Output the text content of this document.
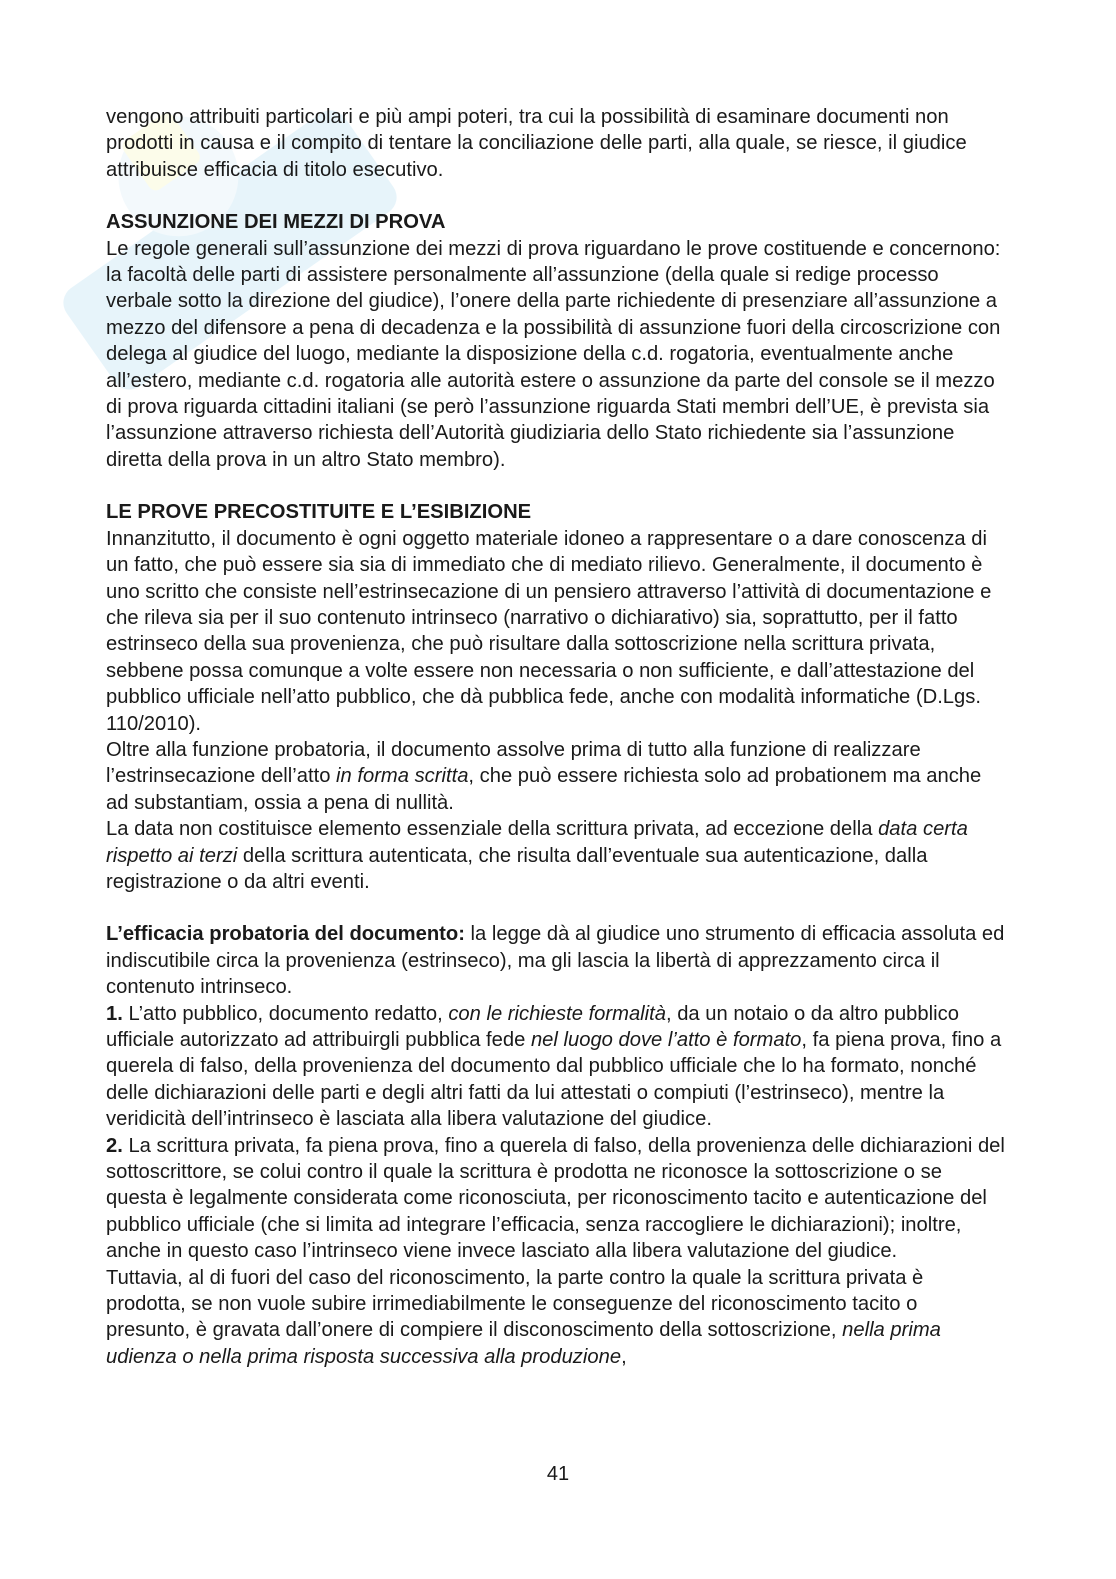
vengono attribuiti particolari e più ampi poteri, tra cui la possibilità di esaminare documenti non prodotti in causa e il compito di tentare la conciliazione delle parti, alla quale, se riesce, il giudice attribuisce efficacia di titolo esecutivo.

ASSUNZIONE DEI MEZZI DI PROVA

Le regole generali sull’assunzione dei mezzi di prova riguardano le prove costituende e concernono: la facoltà delle parti di assistere personalmente all’assunzione (della quale si redige processo verbale sotto la direzione del giudice), l’onere della parte richiedente di presenziare all’assunzione a mezzo del difensore a pena di decadenza e la possibilità di assunzione fuori della circoscrizione con delega al giudice del luogo, mediante la disposizione della c.d. rogatoria, eventualmente anche all’estero, mediante c.d. rogatoria alle autorità estere o assunzione da parte del console se il mezzo di prova riguarda cittadini italiani (se però l’assunzione riguarda Stati membri dell’UE, è prevista sia l’assunzione attraverso richiesta dell’Autorità giudiziaria dello Stato richiedente sia l’assunzione diretta della prova in un altro Stato membro).

LE PROVE PRECOSTITUITE E L’ESIBIZIONE

Innanzitutto, il documento è ogni oggetto materiale idoneo a rappresentare o a dare conoscenza di un fatto, che può essere sia sia di immediato che di mediato rilievo. Generalmente, il documento è uno scritto che consiste nell’estrinsecazione di un pensiero attraverso l’attività di documentazione e che rileva sia per il suo contenuto intrinseco (narrativo o dichiarativo) sia, soprattutto, per il fatto estrinseco della sua provenienza, che può risultare dalla sottoscrizione nella scrittura privata, sebbene possa comunque a volte essere non necessaria o non sufficiente, e dall’attestazione del pubblico ufficiale nell’atto pubblico, che dà pubblica fede, anche con modalità informatiche (D.Lgs. 110/2010).

Oltre alla funzione probatoria, il documento assolve prima di tutto alla funzione di realizzare l’estrinsecazione dell’atto in forma scritta, che può essere richiesta solo ad probationem ma anche ad substantiam, ossia a pena di nullità.

La data non costituisce elemento essenziale della scrittura privata, ad eccezione della data certa rispetto ai terzi della scrittura autenticata, che risulta dall’eventuale sua autenticazione, dalla registrazione o da altri eventi.

L’efficacia probatoria del documento: la legge dà al giudice uno strumento di efficacia assoluta ed indiscutibile circa la provenienza (estrinseco), ma gli lascia la libertà di apprezzamento circa il contenuto intrinseco.

1. L’atto pubblico, documento redatto, con le richieste formalità, da un notaio o da altro pubblico ufficiale autorizzato ad attribuirgli pubblica fede nel luogo dove l’atto è formato, fa piena prova, fino a querela di falso, della provenienza del documento dal pubblico ufficiale che lo ha formato, nonché delle dichiarazioni delle parti e degli altri fatti da lui attestati o compiuti (l’estrinseco), mentre la veridicità dell’intrinseco è lasciata alla libera valutazione del giudice.

2. La scrittura privata, fa piena prova, fino a querela di falso, della provenienza delle dichiarazioni del sottoscrittore, se colui contro il quale la scrittura è prodotta ne riconosce la sottoscrizione o se questa è legalmente considerata come riconosciuta, per riconoscimento tacito e autenticazione del pubblico ufficiale (che si limita ad integrare l’efficacia, senza raccogliere le dichiarazioni); inoltre, anche in questo caso l’intrinseco viene invece lasciato alla libera valutazione del giudice.

Tuttavia, al di fuori del caso del riconoscimento, la parte contro la quale la scrittura privata è prodotta, se non vuole subire irrimediabilmente le conseguenze del riconoscimento tacito o presunto, è gravata dall’onere di compiere il disconoscimento della sottoscrizione, nella prima udienza o nella prima risposta successiva alla produzione,

41
